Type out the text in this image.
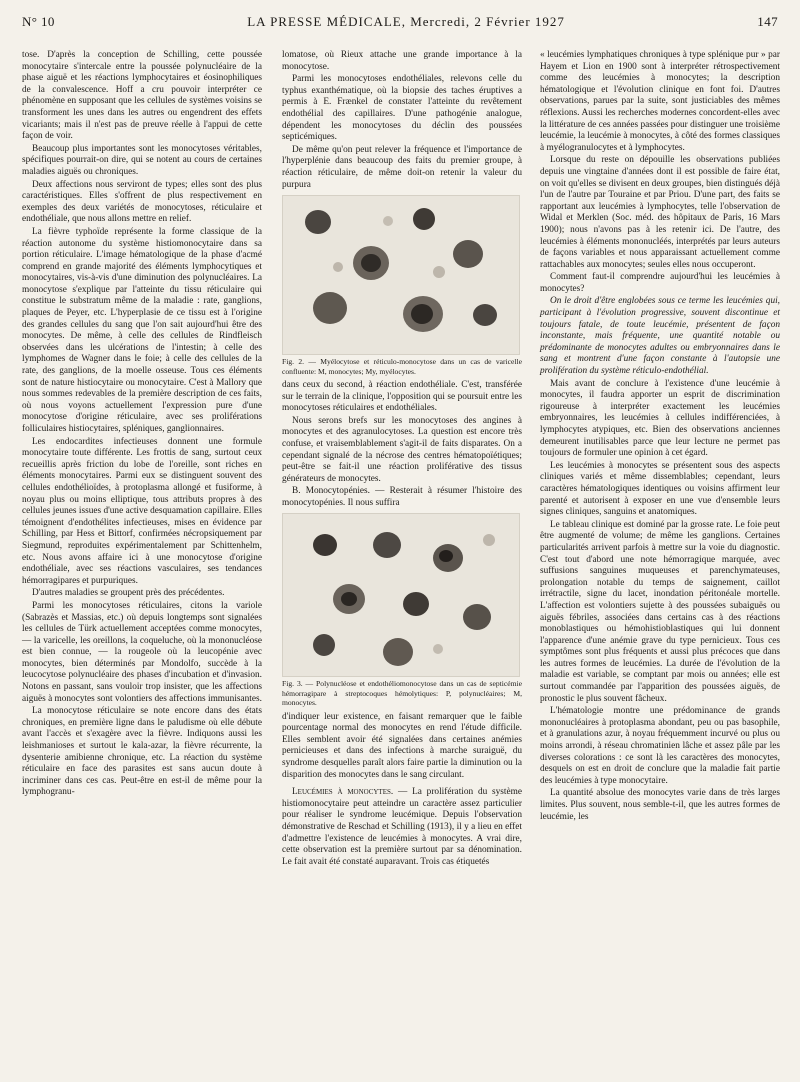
N° 10	LA PRESSE MÉDICALE, Mercredi, 2 Février 1927	147

tose. D'après la conception de Schilling, cette poussée monocytaire s'intercale entre la poussée polynucléaire de la phase aiguë et les réactions lymphocytaires et éosinophiliques de la convalescence. Hoff a cru pouvoir interpréter ce phénomène en supposant que les cellules de systèmes voisins se transforment les unes dans les autres ou engendrent des effets vicariants; mais il n'est pas de preuve réelle à l'appui de cette façon de voir.

Beaucoup plus importantes sont les monocytoses véritables, spécifiques pourrait-on dire, qui se notent au cours de certaines maladies aiguës ou chroniques.

Deux affections nous serviront de types; elles sont des plus caractéristiques. Elles s'offrent de plus respectivement en exemples des deux variétés de monocytoses, réticulaire et endothéliale, que nous allons mettre en relief.

La fièvre typhoïde représente la forme classique de la réaction autonome du système histiomonocytaire dans sa portion réticulaire. L'image hématologique de la phase d'acmé comprend en grande majorité des éléments lymphocytiques et monocytaires, vis-à-vis d'une diminution des polynucléaires. La monocytose s'explique par l'atteinte du tissu réticulaire qui constitue le substratum même de la maladie : rate, ganglions, plaques de Peyer, etc. L'hyperplasie de ce tissu est à l'origine des grandes cellules du sang que l'on sait aujourd'hui être des monocytes. De même, à celle des cellules de Rindfleisch observées dans les ulcérations de l'intestin; à celle des lymphomes de Wagner dans le foie; à celle des cellules de la rate, des ganglions, de la moelle osseuse. Tous ces éléments sont de nature histiocytaire ou monocytaire. C'est à Mallory que nous sommes redevables de la première description de ces faits, où nous voyons actuellement l'expression pure d'une monocytose d'origine réticulaire, avec ses proliférations folliculaires histiocytaires, spléniques, ganglionnaires.

Les endocardites infectieuses donnent une formule monocytaire toute différente. Les frottis de sang, surtout ceux recueillis après friction du lobe de l'oreille, sont riches en éléments monocytaires. Parmi eux se distinguent souvent des cellules endothélioïdes, à protoplasma allongé et fusiforme, à noyau plus ou moins elliptique, tous attributs propres à des cellules jeunes issues d'une active desquamation capillaire. Elles témoignent d'endothélites infectieuses, mises en évidence par Schilling, par Hess et Bittorf, confirmées nécropsiquement par Siegmund, reproduites expérimentalement par Schittenhelm, etc. Nous avons affaire ici à une monocytose d'origine endothéliale, avec ses réactions vasculaires, ses tendances hémorragipares et purpuriques.

D'autres maladies se groupent près des précédentes.

Parmi les monocytoses réticulaires, citons la variole (Sabrazès et Massias, etc.) où depuis longtemps sont signalées les cellules de Türk actuellement acceptées comme monocytes, — la varicelle, les oreillons, la coqueluche, où la mononucléose est bien connue, — la rougeole où la leucopénie avec monocytes, bien déterminés par Mondolfo, succède à la leucocytose polynucléaire des phases d'incubation et d'invasion. Notons en passant, sans vouloir trop insister, que les affections aiguës à monocytes sont volontiers des affections immunisantes.

La monocytose réticulaire se note encore dans des états chroniques, en première ligne dans le paludisme où elle débute avant l'accès et s'exagère avec la fièvre. Indiquons aussi les leishmanioses et surtout le kala-azar, la fièvre récurrente, la dysenterie amibienne chronique, etc. La réaction du système réticulaire en face des parasites est sans aucun doute à incriminer dans ces cas. Peut-être en est-il de même pour la lymphogranu-

lomatose, où Rieux attache une grande importance à la monocytose.

Parmi les monocytoses endothéliales, relevons celle du typhus exanthématique, où la biopsie des taches éruptives a permis à E. Frænkel de constater l'atteinte du revêtement endothélial des capillaires. D'une pathogénie analogue, dépendent les monocytoses du déclin des poussées septicémiques.

De même qu'on peut relever la fréquence et l'importance de l'hyperplénie dans beaucoup des faits du premier groupe, à réaction réticulaire, de même doit-on retenir la valeur du purpura

Fig. 2. — Myélocytose et réticulo-monocytose dans un cas de varicelle confluente: M, monocytes; My, myélocytes.

dans ceux du second, à réaction endothéliale. C'est, transférée sur le terrain de la clinique, l'opposition qui se poursuit entre les monocytoses réticulaires et endothéliales.

Nous serons brefs sur les monocytoses des angines à monocytes et des agranulocytoses. La question est encore très confuse, et vraisemblablement s'agit-il de faits disparates. On a cependant signalé de la nécrose des centres hématopoïétiques; peut-être se fait-il une réaction proliférative des tissus générateurs de monocytes.

B. Monocytopénies. — Resterait à résumer l'histoire des monocytopénies. Il nous suffira

Fig. 3. — Polynucléose et endothéliomonocytose dans un cas de septicémie hémorragipare à streptocoques hémolytiques: P, polynucléaires; M, monocytes.

d'indiquer leur existence, en faisant remarquer que le faible pourcentage normal des monocytes en rend l'étude difficile. Elles semblent avoir été signalées dans certaines anémies pernicieuses et dans des infections à marche suraiguë, du syndrome desquelles paraît alors faire partie la diminution ou la disparition des monocytes dans le sang circulant.

Leucémies à monocytes. — La prolifération du système histiomonocytaire peut atteindre un caractère assez particulier pour réaliser le syndrome leucémique. Depuis l'observation démonstrative de Reschad et Schilling (1913), il y a lieu en effet d'admettre l'existence de leucémies à monocytes. A vrai dire, cette observation est la première surtout par sa dénomination. Le fait avait été constaté auparavant. Trois cas étiquetés

« leucémies lymphatiques chroniques à type splénique pur » par Hayem et Lion en 1900 sont à interpréter rétrospectivement comme des leucémies à monocytes; la description hématologique et l'évolution clinique en font foi. D'autres observations, parues par la suite, sont justiciables des mêmes réflexions. Aussi les recherches modernes concordent-elles avec la littérature de ces années passées pour distinguer une troisième leucémie, la leucémie à monocytes, à côté des formes classiques à myélogranulocytes et à lymphocytes.

Lorsque du reste on dépouille les observations publiées depuis une vingtaine d'années dont il est possible de faire état, on voit qu'elles se divisent en deux groupes, bien distingués déjà l'un de l'autre par Touraine et par Priou. D'une part, des faits se rapportant aux leucémies à lymphocytes, telle l'observation de Widal et Merklen (Soc. méd. des hôpitaux de Paris, 16 Mars 1900); nous n'avons pas à les retenir ici. De l'autre, des leucémies à éléments mononucléés, interprétés par leurs auteurs de façons variables et nous apparaissant actuellement comme rattachables aux monocytes; seules elles nous occuperont.

Comment faut-il comprendre aujourd'hui les leucémies à monocytes?

On le droit d'être englobées sous ce terme les leucémies qui, participant à l'évolution progressive, souvent discontinue et toujours fatale, de toute leucémie, présentent de façon inconstante, mais fréquente, une quantité notable ou prédominante de monocytes adultes ou embryonnaires dans le sang et montrent d'une façon constante à l'autopsie une prolifération du système réticulo-endothélial.

Mais avant de conclure à l'existence d'une leucémie à monocytes, il faudra apporter un esprit de discrimination rigoureuse à interpréter exactement les leucémies embryonnaires, les leucémies à cellules indifférenciées, à lymphocytes atypiques, etc. Bien des observations anciennes demeurent inutilisables parce que leur lecture ne permet pas toujours de formuler une opinion à cet égard.

Les leucémies à monocytes se présentent sous des aspects cliniques variés et même dissemblables; cependant, leurs caractères hématologiques identiques ou voisins affirment leur parenté et autorisent à exposer en une vue d'ensemble leurs signes cliniques, sanguins et anatomiques.

Le tableau clinique est dominé par la grosse rate. Le foie peut être augmenté de volume; de même les ganglions. Certaines particularités arrivent parfois à mettre sur la voie du diagnostic. C'est tout d'abord une note hémorragique marquée, avec suffusions sanguines muqueuses et parenchymateuses, prolongation notable du temps de saignement, caillot irrétractile, signe du lacet, inondation péritonéale mortelle. L'affection est volontiers sujette à des poussées subaiguës ou aiguës fébriles, associées dans certains cas à des réactions monoblastiques ou hémohistioblastiques qui lui donnent l'apparence d'une anémie grave du type pernicieux. Tous ces symptômes sont plus fréquents et aussi plus précoces que dans les autres formes de leucémies. La durée de l'évolution de la maladie est variable, se comptant par mois ou années; elle est surtout commandée par l'apparition des poussées aiguës, de pronostic le plus souvent fâcheux.

L'hématologie montre une prédominance de grands mononucléaires à protoplasma abondant, peu ou pas basophile, et à granulations azur, à noyau fréquemment incurvé ou plus ou moins arrondi, à réseau chromatinien lâche et assez pâle par les diverses colorations : ce sont là les caractères des monocytes, desquels on est en droit de conclure que la maladie fait partie des leucémies à type monocytaire.

La quantité absolue des monocytes varie dans de très larges limites. Plus souvent, nous semble-t-il, que les autres formes de leucémie, les
